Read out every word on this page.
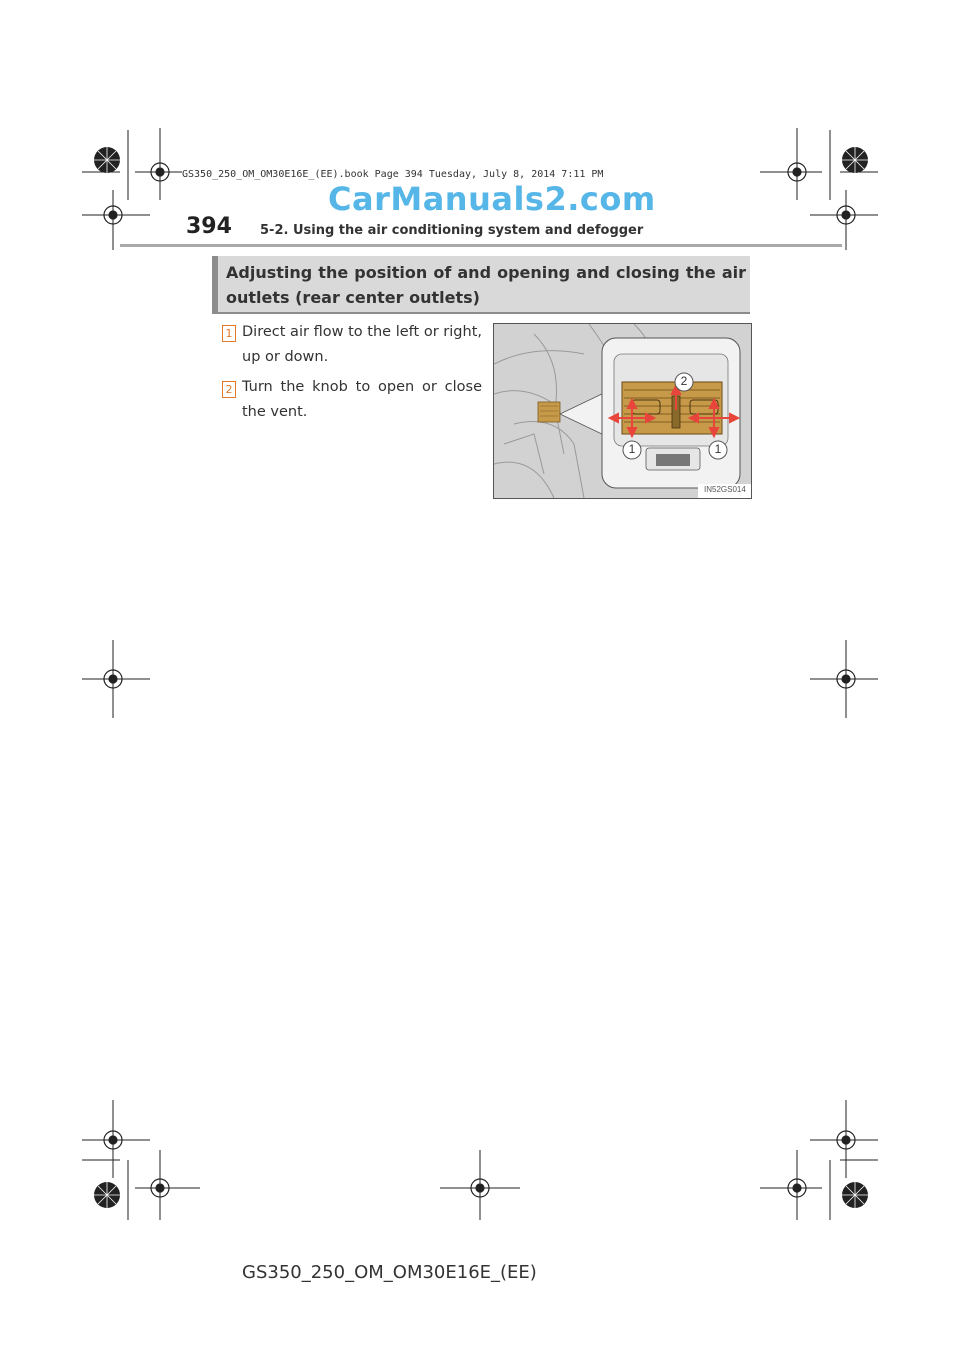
GS350_250_OM_OM30E16E_(EE).book Page 394 Tuesday, July 8, 2014 7:11 PM
CarManuals2.com
394 5-2. Using the air conditioning system and defogger
Adjusting the position of and opening and closing the air outlets (rear center outlets)
1 Direct air flow to the left or right, up or down.
2 Turn the knob to open or close the vent.
2
1	1
IN52GS014
GS350_250_OM_OM30E16E_(EE)
